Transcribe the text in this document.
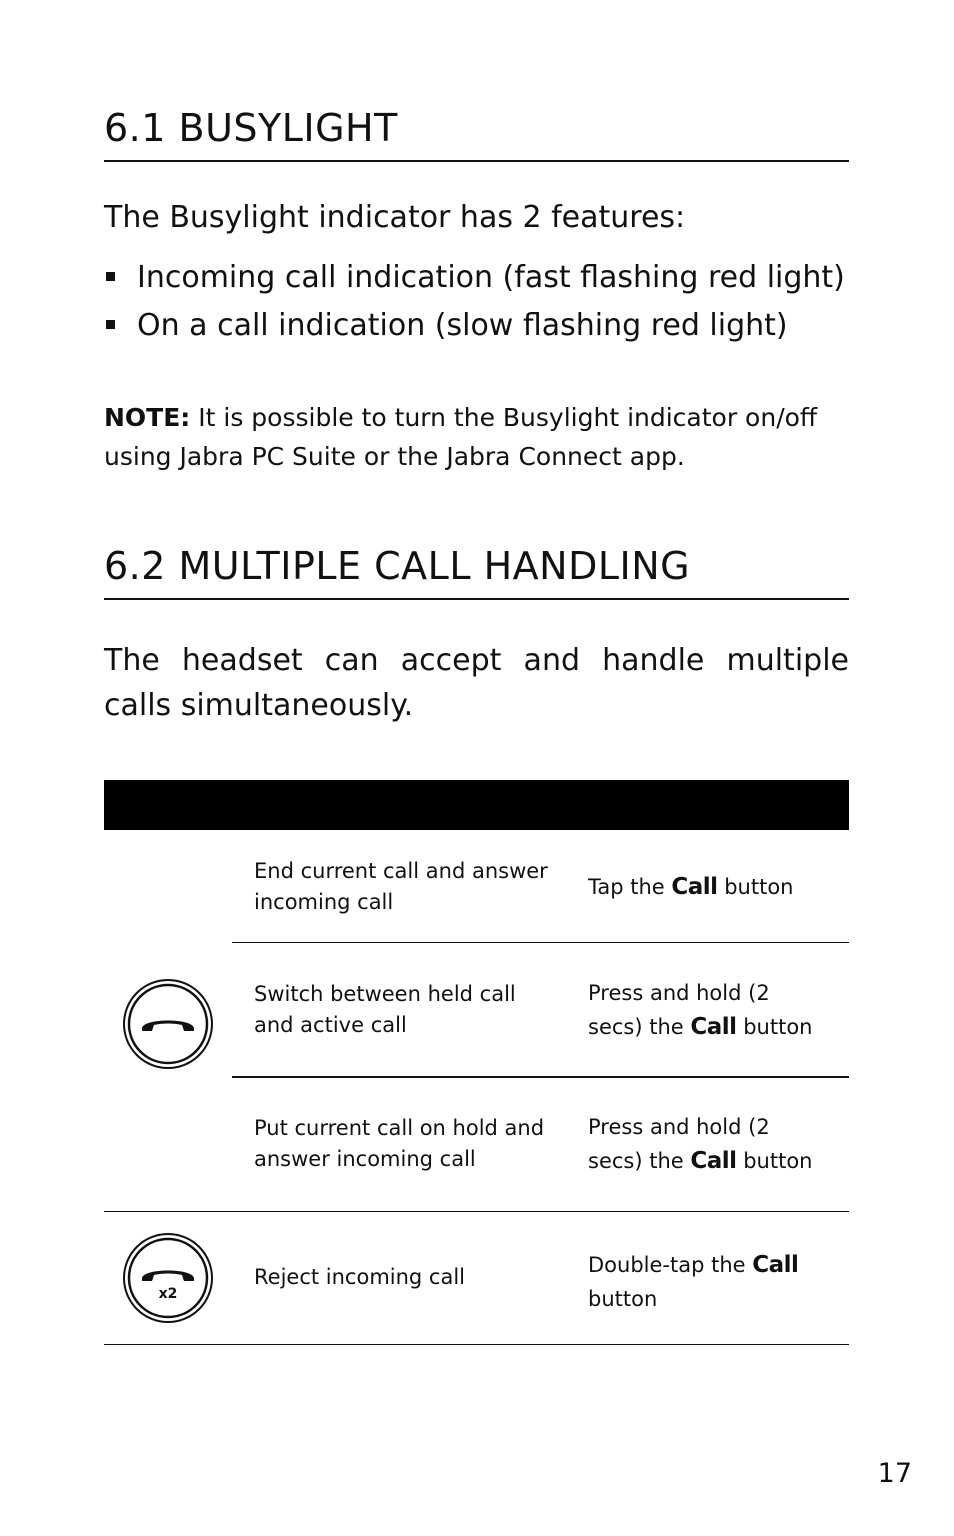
6.1 BUSYLIGHT
The Busylight indicator has 2 features:
Incoming call indication (fast flashing red light)
On a call indication (slow flashing red light)

NOTE: It is possible to turn the Busylight indicator on/off using Jabra PC Suite or the Jabra Connect app.

6.2 MULTIPLE CALL HANDLING

The headset can accept and handle multiple calls simultaneously.

End current call and answer incoming call
Tap the Call button
Switch between held call and active call
Press and hold (2 secs) the Call button
Put current call on hold and answer incoming call
Press and hold (2 secs) the Call button
Reject incoming call	Double-tap the Call button
x2
17
